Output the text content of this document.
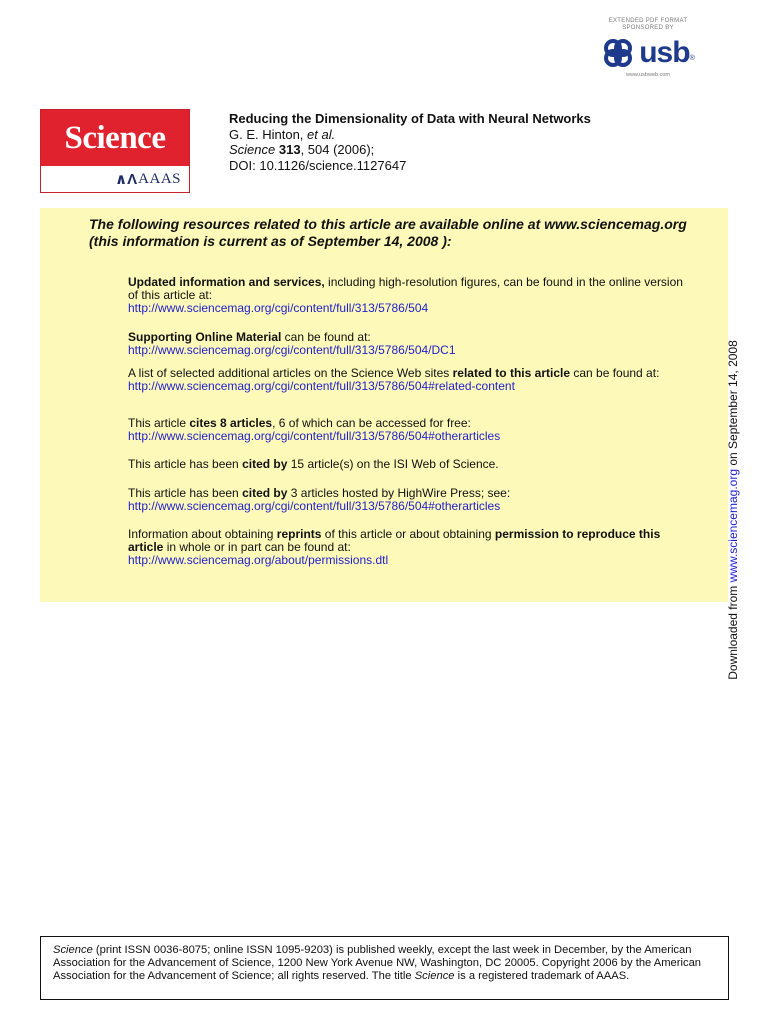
EXTENDED PDF FORMAT
SPONSORED BY
usb ®
www.usbweb.com
Science
∧Λ AAAS
Reducing the Dimensionality of Data with Neural Networks
G. E. Hinton, et al.
Science 313, 504 (2006);
DOI: 10.1126/science.1127647
The following resources related to this article are available online at www.sciencemag.org (this information is current as of September 14, 2008 ):
Updated information and services, including high-resolution figures, can be found in the online version of this article at:
http://www.sciencemag.org/cgi/content/full/313/5786/504
Supporting Online Material can be found at:
http://www.sciencemag.org/cgi/content/full/313/5786/504/DC1
A list of selected additional articles on the Science Web sites related to this article can be found at:
http://www.sciencemag.org/cgi/content/full/313/5786/504#related-content
This article cites 8 articles, 6 of which can be accessed for free:
http://www.sciencemag.org/cgi/content/full/313/5786/504#otherarticles
This article has been cited by 15 article(s) on the ISI Web of Science.
This article has been cited by 3 articles hosted by HighWire Press; see:
http://www.sciencemag.org/cgi/content/full/313/5786/504#otherarticles
Information about obtaining reprints of this article or about obtaining permission to reproduce this article in whole or in part can be found at:
http://www.sciencemag.org/about/permissions.dtl
Downloaded from www.sciencemag.org on September 14, 2008
Science (print ISSN 0036-8075; online ISSN 1095-9203) is published weekly, except the last week in December, by the American Association for the Advancement of Science, 1200 New York Avenue NW, Washington, DC 20005. Copyright 2006 by the American Association for the Advancement of Science; all rights reserved. The title Science is a registered trademark of AAAS.
